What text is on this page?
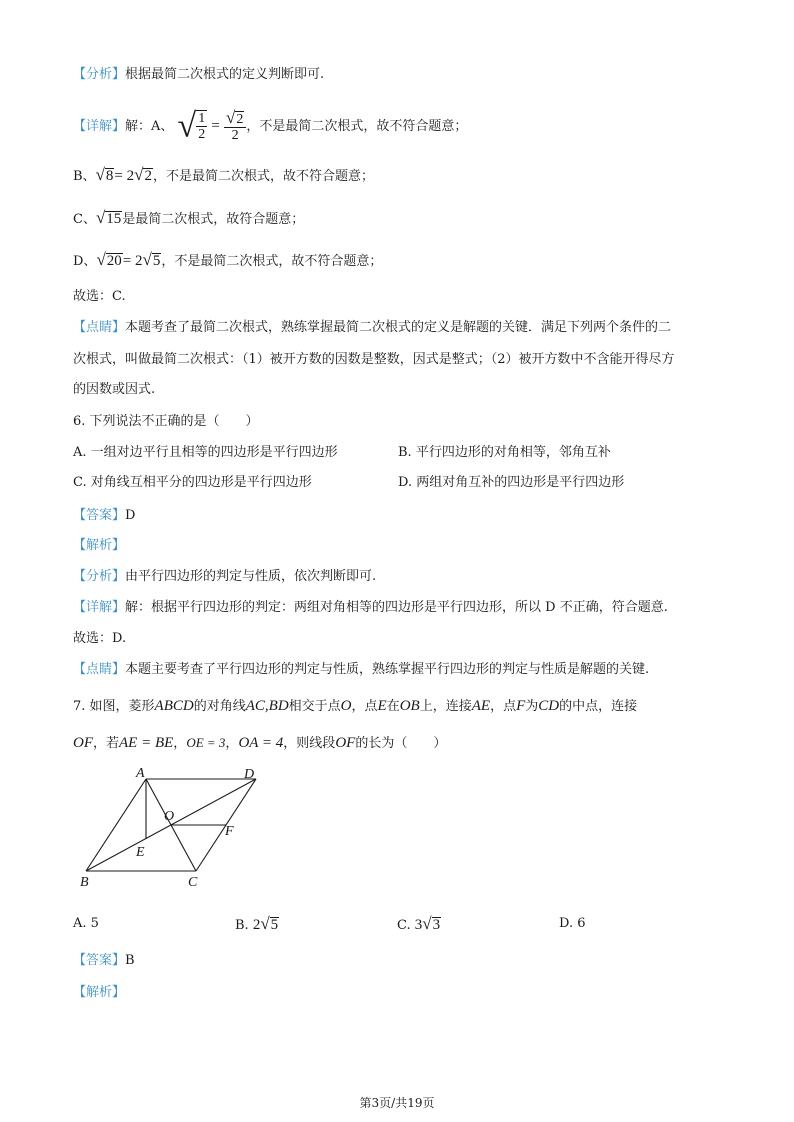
【分析】根据最简二次根式的定义判断即可.
【详解】解：A、 √ $\frac{1}{2} = \frac{√2}{2}$ ，不是最简二次根式，故不符合题意；
B、√8= 2√2，不是最简二次根式，故不符合题意；
C、√15是最简二次根式，故符合题意；
D、√20= 2√5，不是最简二次根式，故不符合题意；
故选：C.
【点睛】本题考查了最简二次根式，熟练掌握最简二次根式的定义是解题的关键．满足下列两个条件的二
次根式，叫做最简二次根式：（1）被开方数的因数是整数，因式是整式；（2）被开方数中不含能开得尽方
的因数或因式.
6. 下列说法不正确的是（　　）
A. 一组对边平行且相等的四边形是平行四边形	B. 平行四边形的对角相等，邻角互补
C. 对角线互相平分的四边形是平行四边形	D. 两组对角互补的四边形是平行四边形
【答案】D
【解析】
【分析】由平行四边形的判定与性质，依次判断即可.
【详解】解：根据平行四边形的判定：两组对角相等的四边形是平行四边形，所以 D 不正确，符合题意.
故选：D.
【点睛】本题主要考查了平行四边形的判定与性质，熟练掌握平行四边形的判定与性质是解题的关键.
7. 如图，菱形ABCD的对角线AC,BD相交于点O，点E在OB上，连接AE，点F为CD的中点，连接
OF，若AE = BE，OE = 3，OA = 4，则线段OF的长为（　　）
A	D
O
F
E
B	C
A. 5	B. 2√5	C. 3√3	D. 6
【答案】B
【解析】
第3页/共19页
